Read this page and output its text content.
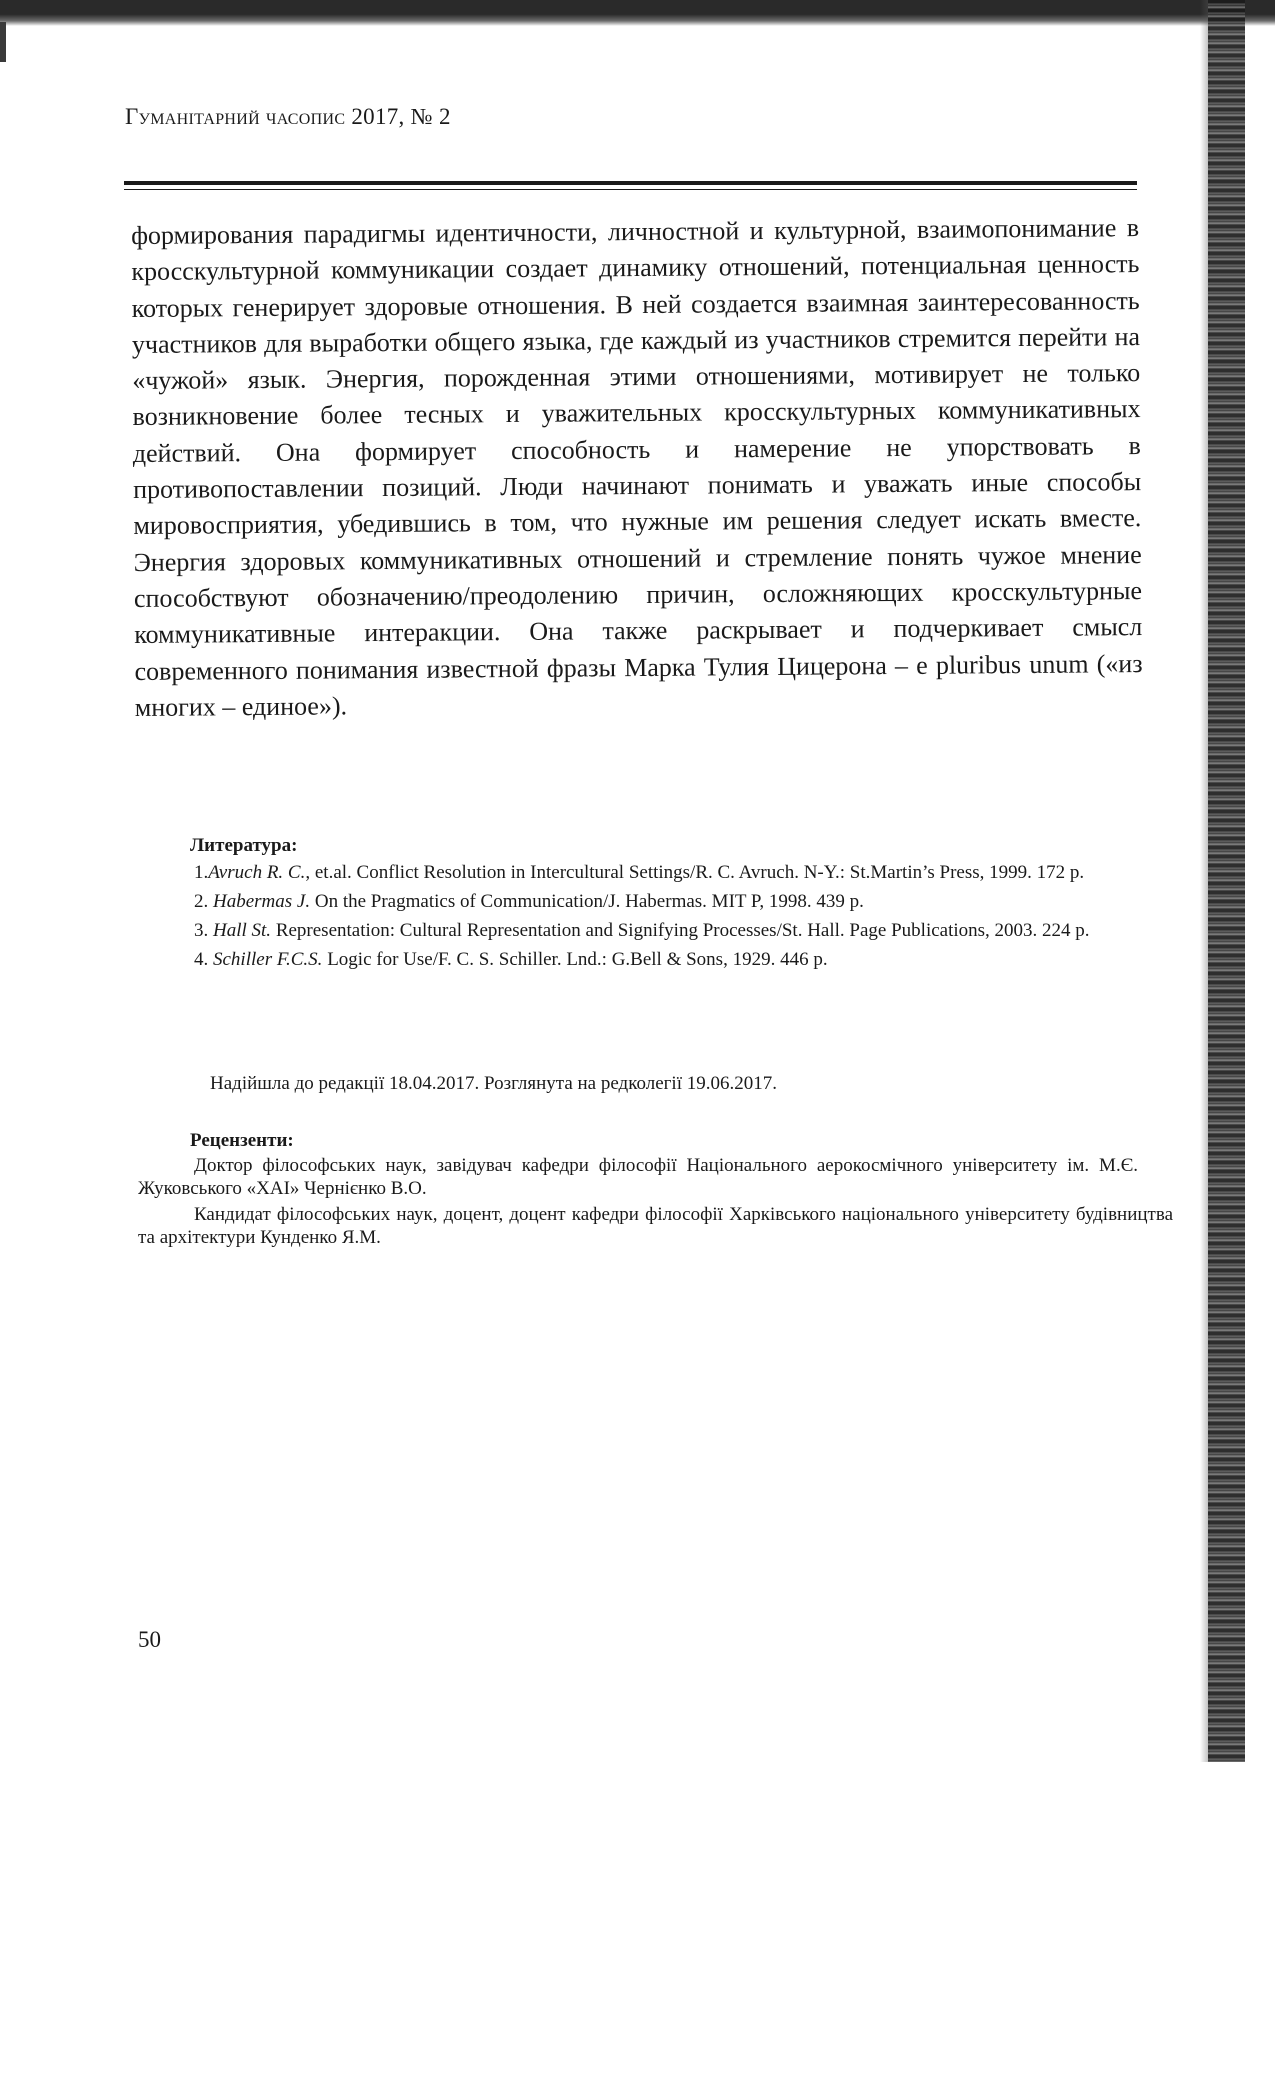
Гуманітарний часопис 2017, № 2
формирования парадигмы идентичности, личностной и культурной, взаимопонимание в кросскультурной коммуникации создает динамику отношений, потенциальная ценность которых генерирует здоровые отношения. В ней создается взаимная заинтересованность участников для выработки общего языка, где каждый из участников стремится перейти на «чужой» язык. Энергия, порожденная этими отношениями, мотивирует не только возникновение более тесных и уважительных кросскультурных коммуникативных действий. Она формирует способность и намерение не упорствовать в противопоставлении позиций. Люди начинают понимать и уважать иные способы мировосприятия, убедившись в том, что нужные им решения следует искать вместе. Энергия здоровых коммуникативных отношений и стремление понять чужое мнение способствуют обозначению/преодолению причин, осложняющих кросскультурные коммуникативные интеракции. Она также раскрывает и подчеркивает смысл современного понимания известной фразы Марка Тулия Цицерона – e pluribus unum («из многих – единое»).
Литература:
1.Avruch R. C., et.al. Conflict Resolution in Intercultural Settings/R. C. Avruch. N-Y.: St.Martin’s Press, 1999. 172 p.
2. Habermas J. On the Pragmatics of Communication/J. Habermas. MIT P, 1998. 439 p.
3. Hall St. Representation: Cultural Representation and Signifying Processes/St. Hall. Page Publications, 2003. 224 p.
4. Schiller F.C.S. Logic for Use/F. C. S. Schiller. Lnd.: G.Bell & Sons, 1929. 446 p.
Надійшла до редакції 18.04.2017. Розглянута на редколегії 19.06.2017.
Рецензенти:

Доктор філософських наук, завідувач кафедри філософії Національного аерокосмічного університету ім. М.Є. Жуковського «ХАІ» Чернієнко В.О.

Кандидат філософських наук, доцент, доцент кафедри філософії Харківського національного університету будівництва та архітектури Кунденко Я.М.

50
